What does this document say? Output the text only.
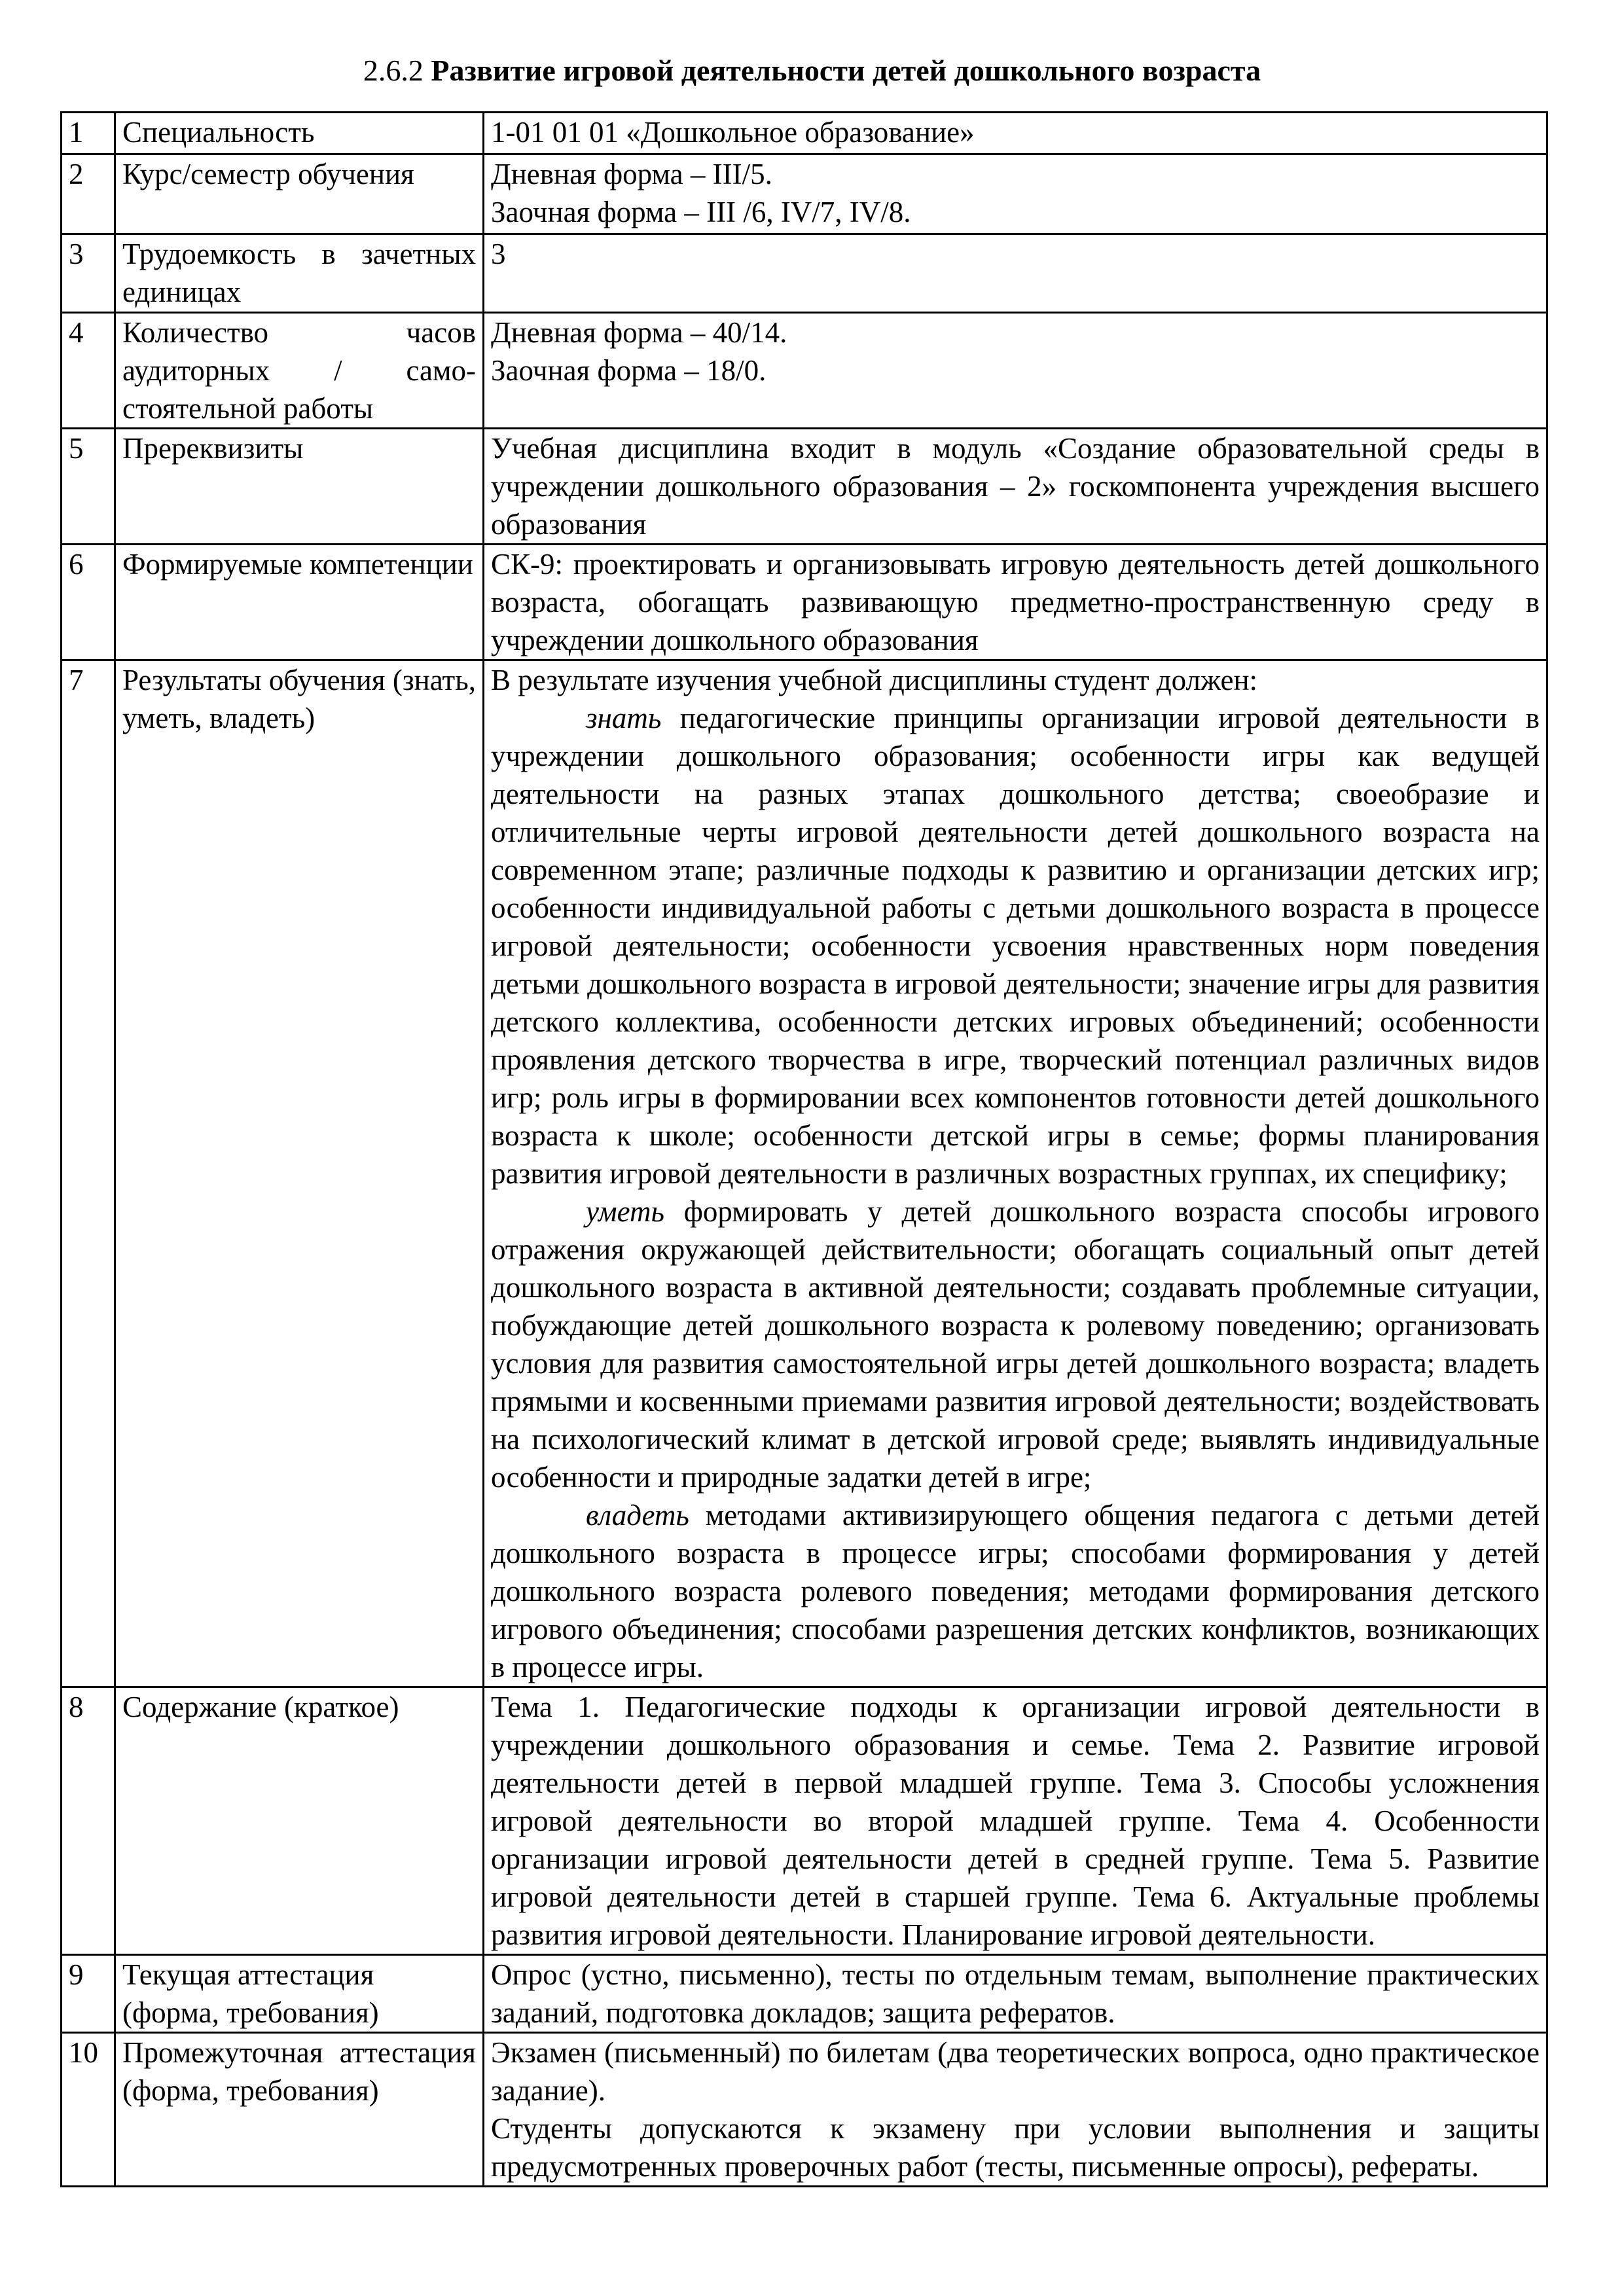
2.6.2 Развитие игровой деятельности детей дошкольного возраста
1	Специальность	1-01 01 01 «Дошкольное образование»
2	Курс/семестр обучения	Дневная форма – III/5.
Заочная форма – III /6, IV/7, IV/8.

3	Трудоемкость в зачетных единицах	3
4	Количество часов аудиторных / само-стоятельной работы	Дневная форма – 40/14.
Заочная форма – 18/0.

5	Пререквизиты	Учебная дисциплина входит в модуль «Создание образовательной среды в учреждении дошкольного образования – 2» госкомпонента учреждения высшего образования
6	Формируемые компетенции	СК-9: проектировать и организовывать игровую деятельность детей дошкольного возраста, обогащать развивающую предметно-пространственную среду в учреждении дошкольного образования
7	Результаты обучения (знать, уметь, владеть)	В результате изучения учебной дисциплины студент должен:

знать педагогические принципы организации игровой деятельности в учреждении дошкольного образования; особенности игры как ведущей деятельности на разных этапах дошкольного детства; своеобразие и отличительные черты игровой деятельности детей дошкольного возраста на современном этапе; различные подходы к развитию и организации детских игр; особенности индивидуальной работы с детьми дошкольного возраста в процессе игровой деятельности; особенности усвоения нравственных норм поведения детьми дошкольного возраста в игровой деятельности; значение игры для развития детского коллектива, особенности детских игровых объединений; особенности проявления детского творчества в игре, творческий потенциал различных видов игр; роль игры в формировании всех компонентов готовности детей дошкольного возраста к школе; особенности детской игры в семье; формы планирования развития игровой деятельности в различных возрастных группах, их специфику;

уметь формировать у детей дошкольного возраста способы игрового отражения окружающей действительности; обогащать социальный опыт детей дошкольного возраста в активной деятельности; создавать проблемные ситуации, побуждающие детей дошкольного возраста к ролевому поведению; организовать условия для развития самостоятельной игры детей дошкольного возраста; владеть прямыми и косвенными приемами развития игровой деятельности; воздействовать на психологический климат в детской игровой среде; выявлять индивидуальные особенности и природные задатки детей в игре;

владеть методами активизирующего общения педагога с детьми детей дошкольного возраста в процессе игры; способами формирования у детей дошкольного возраста ролевого поведения; методами формирования детского игрового объединения; способами разрешения детских конфликтов, возникающих в процессе игры.

8	Содержание (краткое)	Тема 1. Педагогические подходы к организации игровой деятельности в учреждении дошкольного образования и семье. Тема 2. Развитие игровой деятельности детей в первой младшей группе. Тема 3. Способы усложнения игровой деятельности во второй младшей группе. Тема 4. Особенности организации игровой деятельности детей в средней группе. Тема 5. Развитие игровой деятельности детей в старшей группе. Тема 6. Актуальные проблемы развития игровой деятельности. Планирование игровой деятельности.
9	Текущая аттестация (форма, требования)	Опрос (устно, письменно), тесты по отдельным темам, выполнение практических заданий, подготовка докладов; защита рефератов.
10	Промежуточная аттестация (форма, требования)	Экзамен (письменный) по билетам (два теоретических вопроса, одно практическое задание).

Студенты допускаются к экзамену при условии выполнения и защиты предусмотренных проверочных работ (тесты, письменные опросы), рефераты.
